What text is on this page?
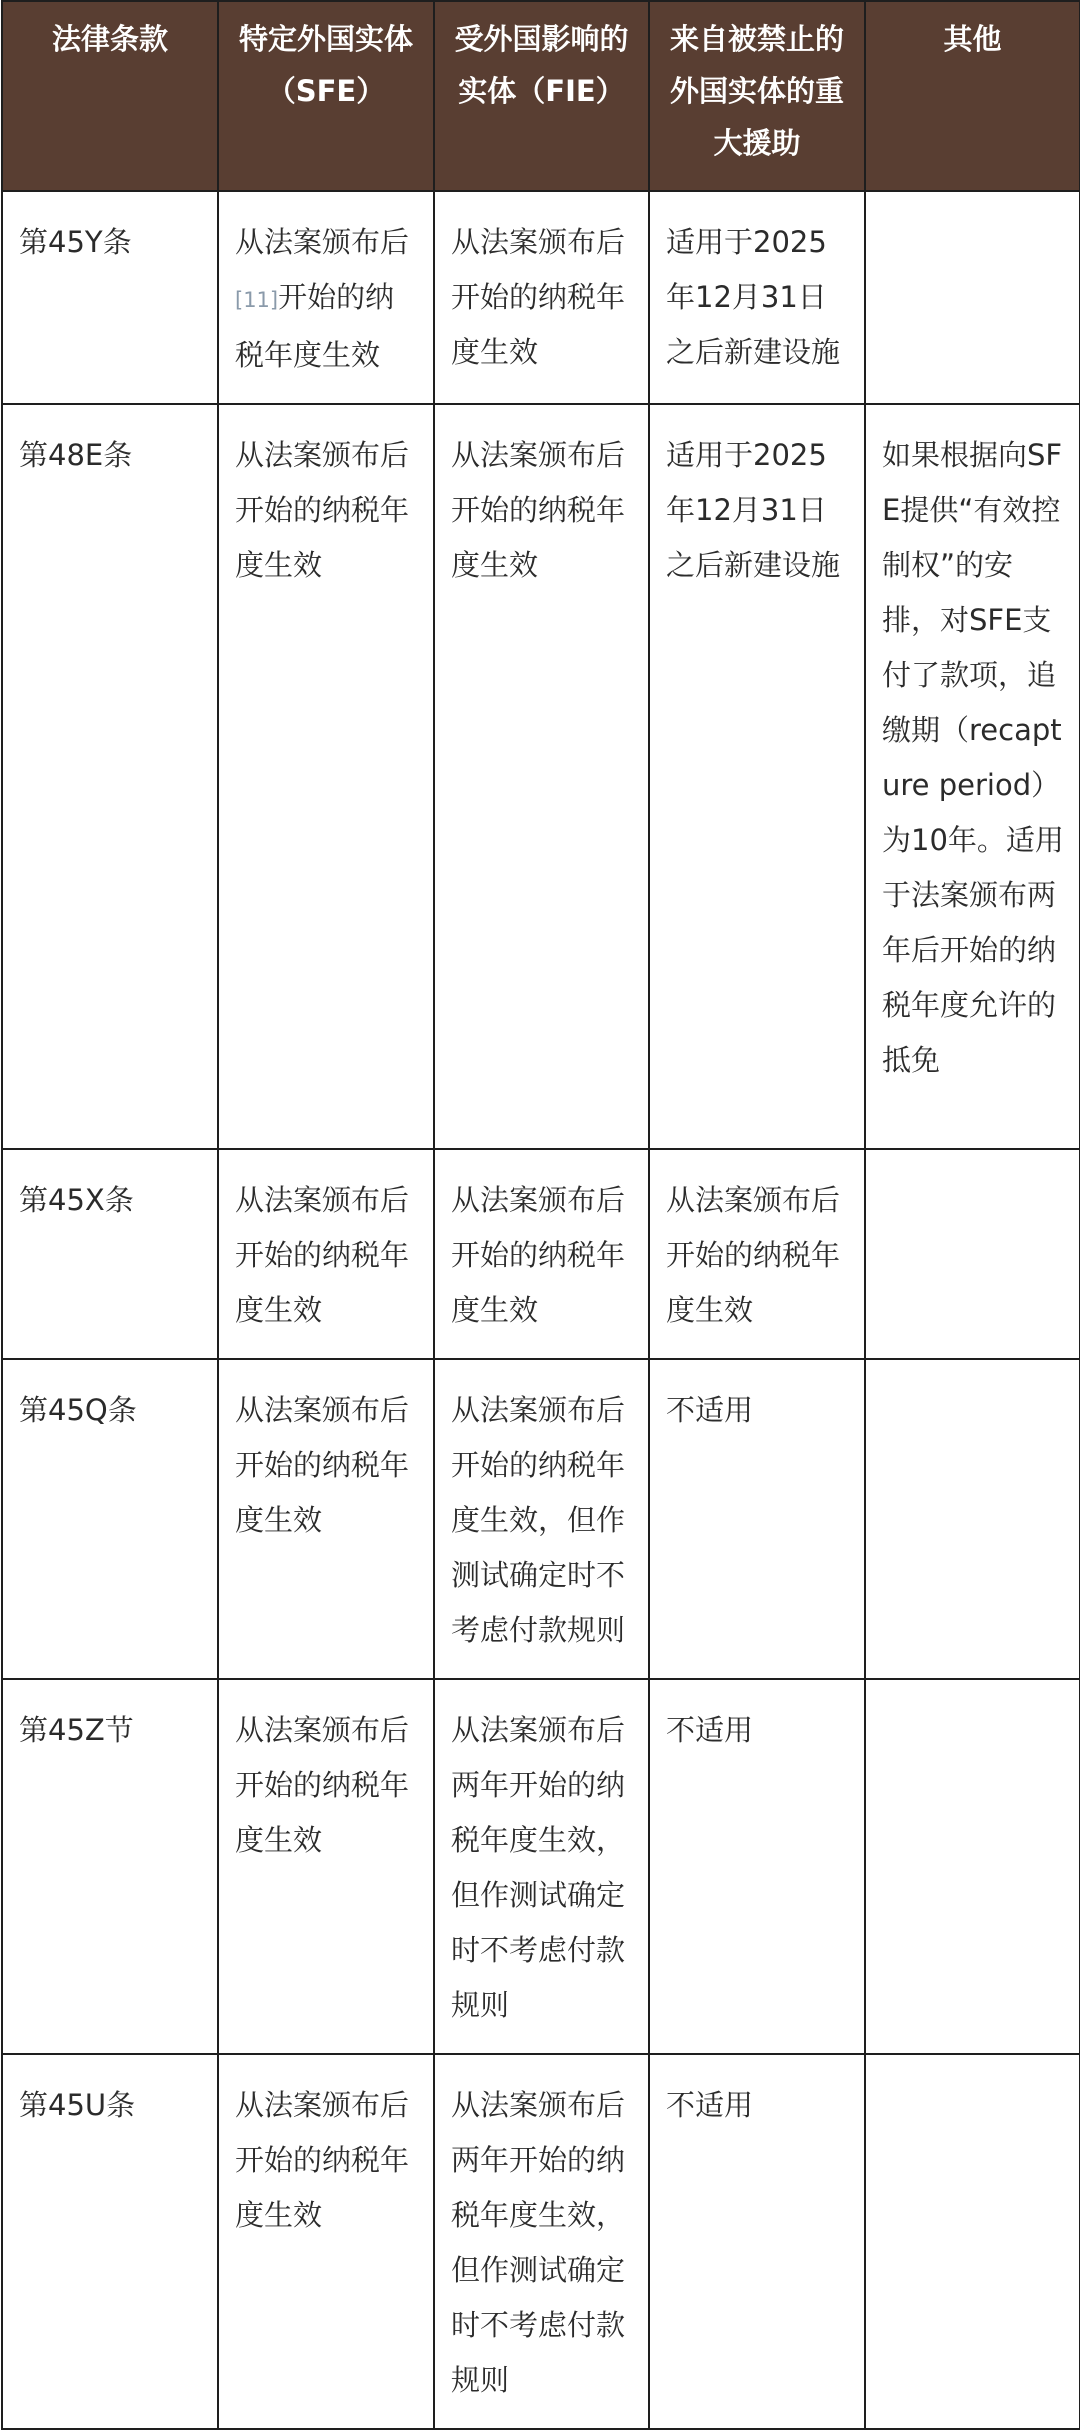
法律条款	特定外国实体（SFE）	受外国影响的实体（FIE）	来自被禁止的外国实体的重大援助	其他
第45Y条	从法案颁布后[11]开始的纳税年度生效	从法案颁布后开始的纳税年度生效	适用于2025年12月31日之后新建设施	
第48E条	从法案颁布后开始的纳税年度生效	从法案颁布后开始的纳税年度生效	适用于2025年12月31日之后新建设施	如果根据向SFE提供“有效控制权”的安排，对SFE支付了款项，追缴期（recapture period）为10年。适用于法案颁布两年后开始的纳税年度允许的抵免
第45X条	从法案颁布后开始的纳税年度生效	从法案颁布后开始的纳税年度生效	从法案颁布后开始的纳税年度生效	
第45Q条	从法案颁布后开始的纳税年度生效	从法案颁布后开始的纳税年度生效，但作测试确定时不考虑付款规则	不适用	
第45Z节	从法案颁布后开始的纳税年度生效	从法案颁布后两年开始的纳税年度生效，但作测试确定时不考虑付款规则	不适用	
第45U条	从法案颁布后开始的纳税年度生效	从法案颁布后两年开始的纳税年度生效，但作测试确定时不考虑付款规则	不适用	
